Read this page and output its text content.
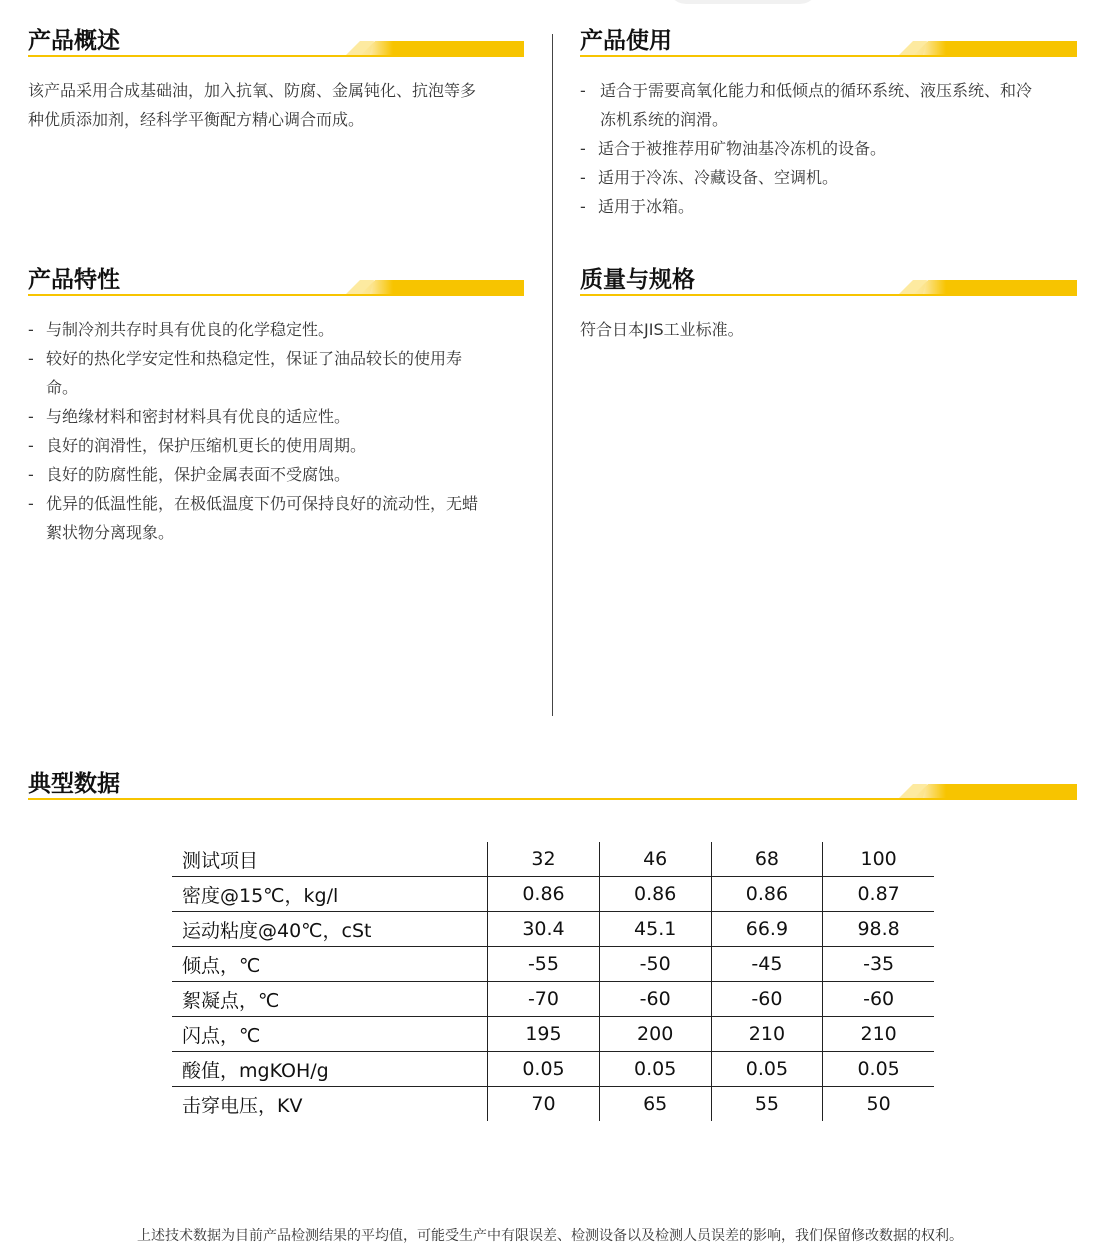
产品概述
该产品采用合成基础油，加入抗氧、防腐、金属钝化、抗泡等多
种优质添加剂，经科学平衡配方精心调合而成。
产品使用
- 适合于需要高氧化能力和低倾点的循环系统、液压系统、和冷
冻机系统的润滑。
- 适合于被推荐用矿物油基冷冻机的设备。
- 适用于冷冻、冷藏设备、空调机。
- 适用于冰箱。
产品特性
- 与制冷剂共存时具有优良的化学稳定性。
- 较好的热化学安定性和热稳定性，保证了油品较长的使用寿
命。
- 与绝缘材料和密封材料具有优良的适应性。
- 良好的润滑性，保护压缩机更长的使用周期。
- 良好的防腐性能，保护金属表面不受腐蚀。
- 优异的低温性能，在极低温度下仍可保持良好的流动性，无蜡
絮状物分离现象。
质量与规格
符合日本JIS工业标准。
典型数据
测试项目	32	46	68	100
密度@15℃，kg/l	0.86	0.86	0.86	0.87
运动粘度@40℃，cSt	30.4	45.1	66.9	98.8
倾点，℃	-55	-50	-45	-35
絮凝点，℃	-70	-60	-60	-60
闪点，℃	195	200	210	210
酸值，mgKOH/g	0.05	0.05	0.05	0.05
击穿电压，KV	70	65	55	50
上述技术数据为目前产品检测结果的平均值，可能受生产中有限误差、检测设备以及检测人员误差的影响，我们保留修改数据的权利。
